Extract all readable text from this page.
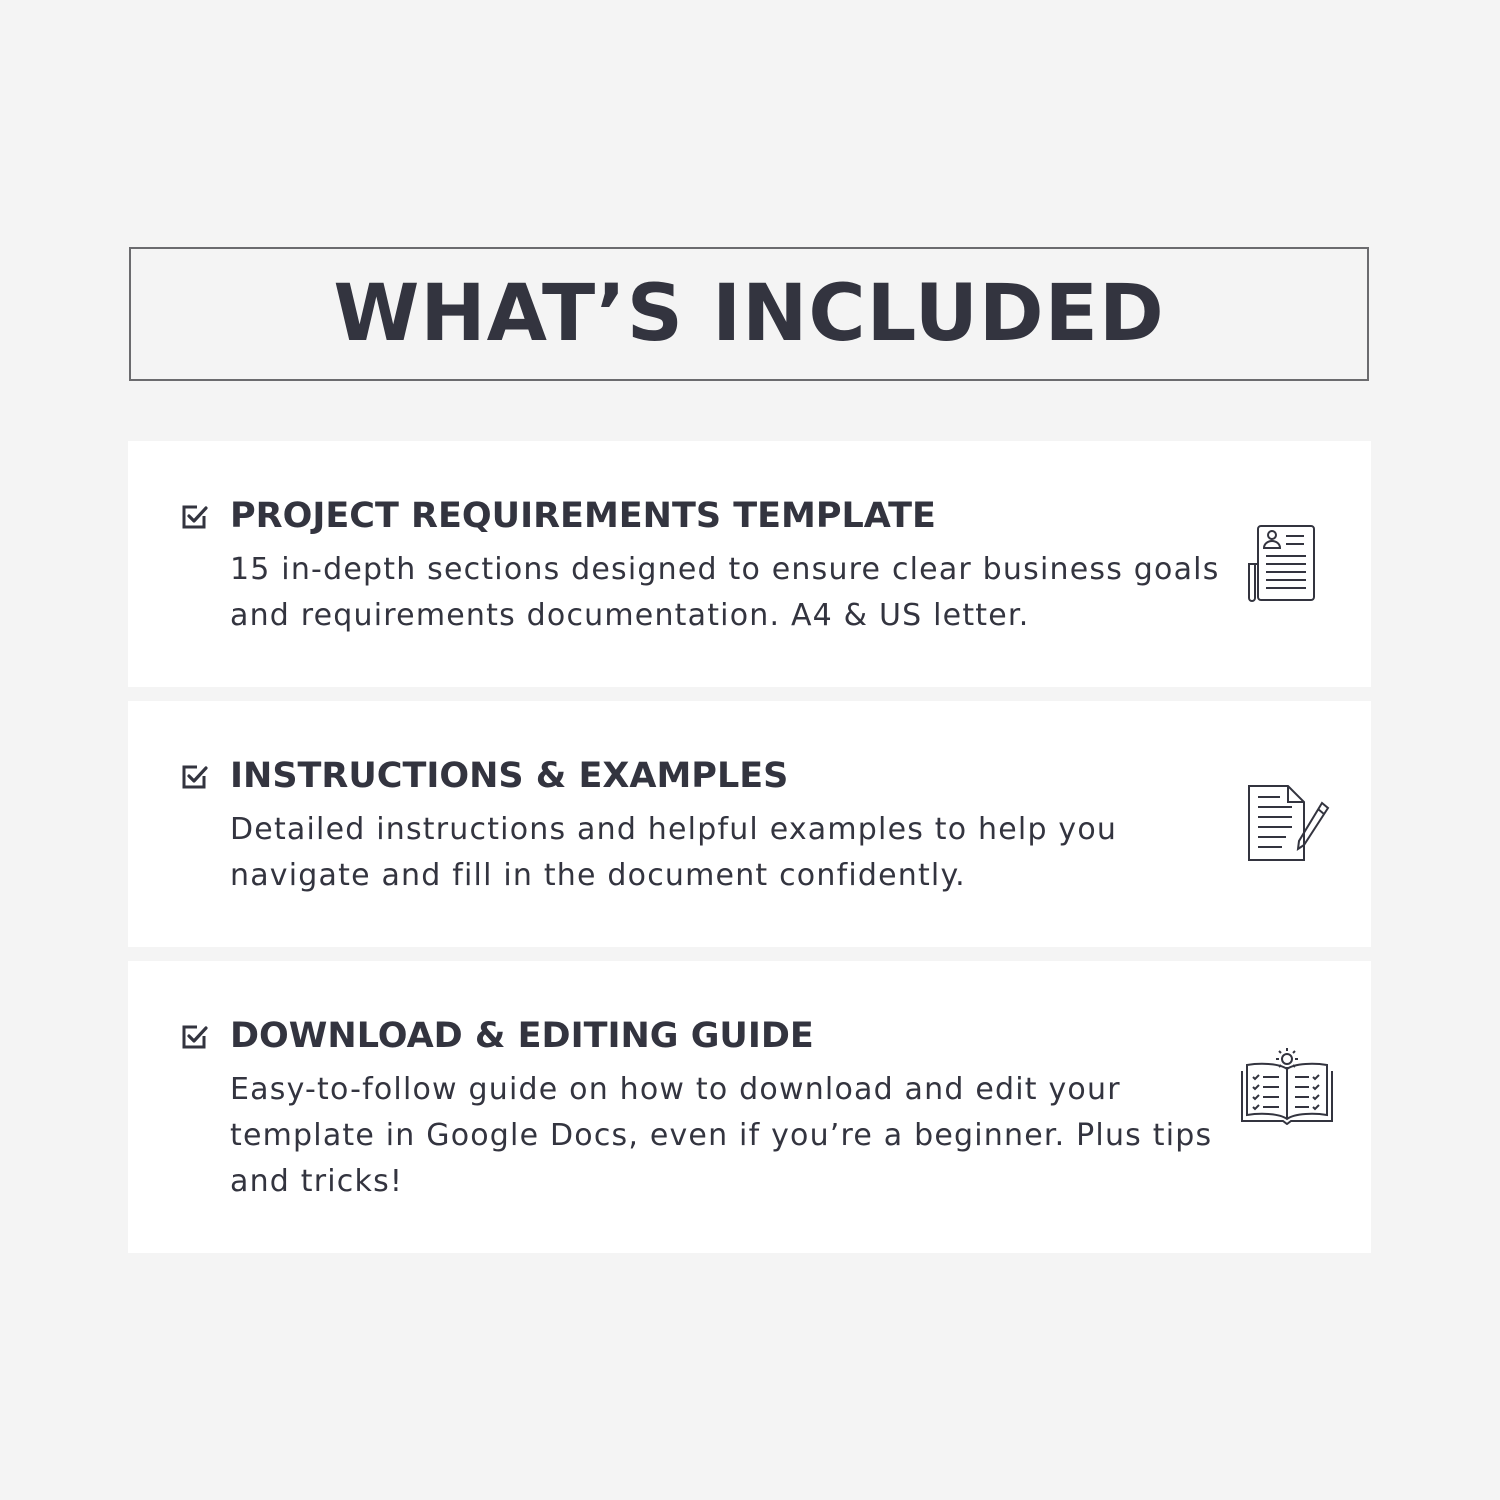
WHAT’S INCLUDED
PROJECT REQUIREMENTS TEMPLATE
15 in-depth sections designed to ensure clear business goals and requirements documentation. A4 & US letter.
INSTRUCTIONS & EXAMPLES
Detailed instructions and helpful examples to help you navigate and fill in the document confidently.
DOWNLOAD & EDITING GUIDE
Easy-to-follow guide on how to download and edit your template in Google Docs, even if you’re a beginner. Plus tips and tricks!
